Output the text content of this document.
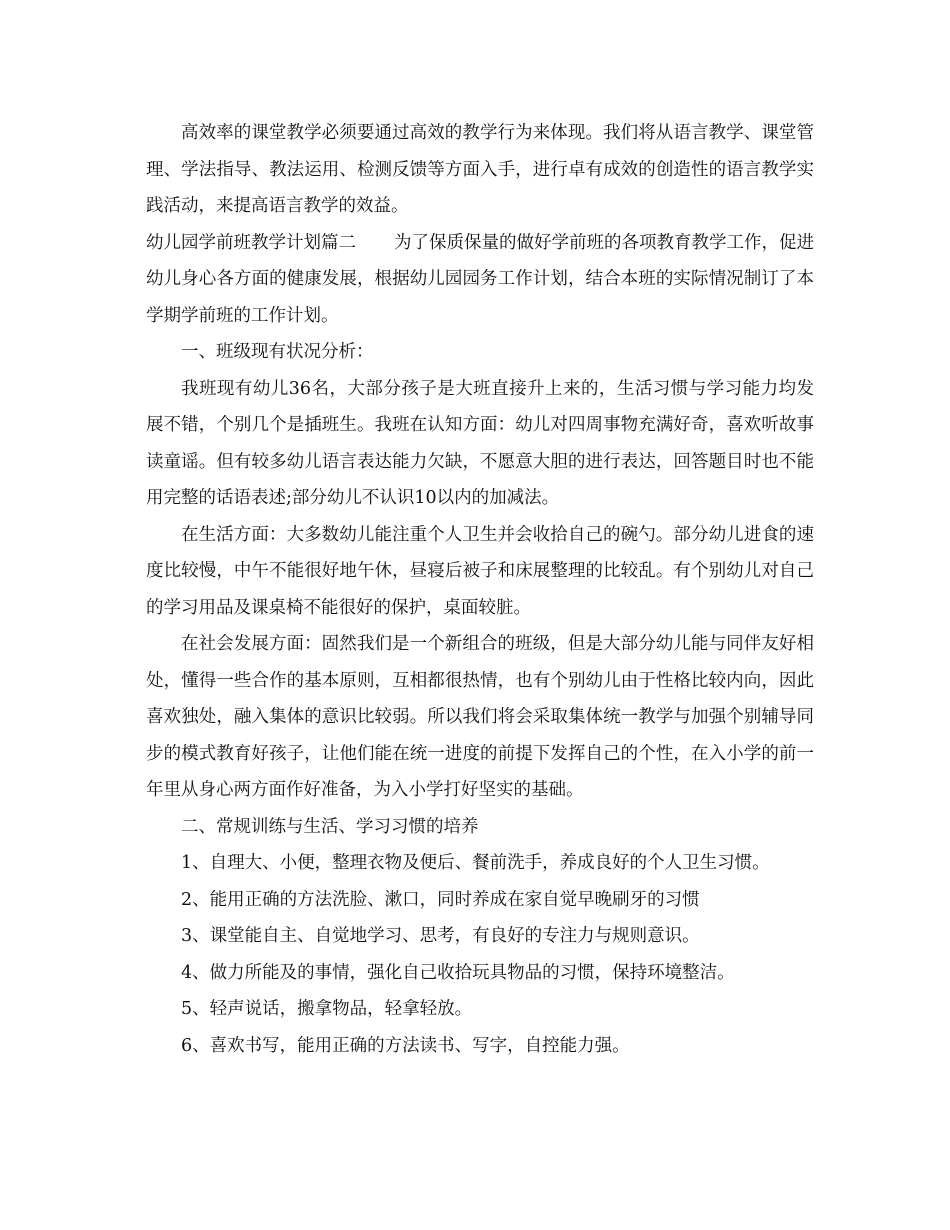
高效率的课堂教学必须要通过高效的教学行为来体现。我们将从语言教学、课堂管理、学法指导、教法运用、检测反馈等方面入手，进行卓有成效的创造性的语言教学实践活动，来提高语言教学的效益。

幼儿园学前班教学计划篇二 为了保质保量的做好学前班的各项教育教学工作，促进幼儿身心各方面的健康发展，根据幼儿园园务工作计划，结合本班的实际情况制订了本学期学前班的工作计划。

一、班级现有状况分析：

我班现有幼儿36名，大部分孩子是大班直接升上来的，生活习惯与学习能力均发展不错，个别几个是插班生。我班在认知方面：幼儿对四周事物充满好奇，喜欢听故事读童谣。但有较多幼儿语言表达能力欠缺，不愿意大胆的进行表达，回答题目时也不能用完整的话语表述;部分幼儿不认识10以内的加减法。

在生活方面：大多数幼儿能注重个人卫生并会收拾自己的碗勺。部分幼儿进食的速度比较慢，中午不能很好地午休，昼寝后被子和床展整理的比较乱。有个别幼儿对自己的学习用品及课桌椅不能很好的保护，桌面较脏。

在社会发展方面：固然我们是一个新组合的班级，但是大部分幼儿能与同伴友好相处，懂得一些合作的基本原则，互相都很热情，也有个别幼儿由于性格比较内向，因此喜欢独处，融入集体的意识比较弱。所以我们将会采取集体统一教学与加强个别辅导同步的模式教育好孩子，让他们能在统一进度的前提下发挥自己的个性，在入小学的前一年里从身心两方面作好准备，为入小学打好坚实的基础。

二、常规训练与生活、学习习惯的培养

1、自理大、小便，整理衣物及便后、餐前洗手，养成良好的个人卫生习惯。

2、能用正确的方法洗脸、漱口，同时养成在家自觉早晚刷牙的习惯

3、课堂能自主、自觉地学习、思考，有良好的专注力与规则意识。

4、做力所能及的事情，强化自己收拾玩具物品的习惯，保持环境整洁。

5、轻声说话，搬拿物品，轻拿轻放。

6、喜欢书写，能用正确的方法读书、写字，自控能力强。
